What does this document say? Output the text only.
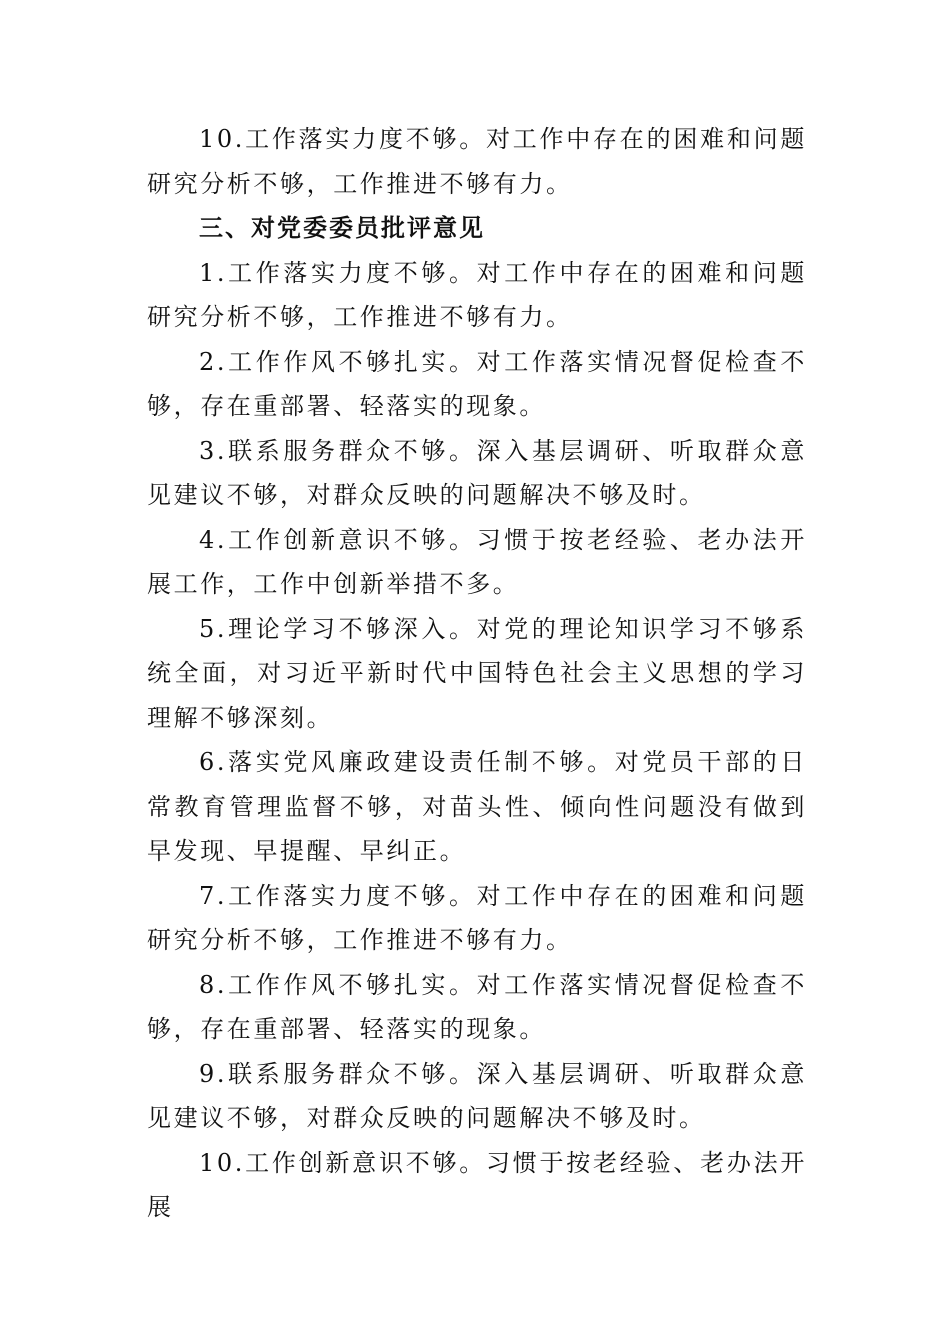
10.工作落实力度不够。对工作中存在的困难和问题研究分析不够，工作推进不够有力。

三、对党委委员批评意见

1.工作落实力度不够。对工作中存在的困难和问题研究分析不够，工作推进不够有力。

2.工作作风不够扎实。对工作落实情况督促检查不够，存在重部署、轻落实的现象。

3.联系服务群众不够。深入基层调研、听取群众意见建议不够，对群众反映的问题解决不够及时。

4.工作创新意识不够。习惯于按老经验、老办法开展工作，工作中创新举措不多。

5.理论学习不够深入。对党的理论知识学习不够系统全面，对习近平新时代中国特色社会主义思想的学习理解不够深刻。

6.落实党风廉政建设责任制不够。对党员干部的日常教育管理监督不够，对苗头性、倾向性问题没有做到早发现、早提醒、早纠正。

7.工作落实力度不够。对工作中存在的困难和问题研究分析不够，工作推进不够有力。

8.工作作风不够扎实。对工作落实情况督促检查不够，存在重部署、轻落实的现象。

9.联系服务群众不够。深入基层调研、听取群众意见建议不够，对群众反映的问题解决不够及时。

10.工作创新意识不够。习惯于按老经验、老办法开展
